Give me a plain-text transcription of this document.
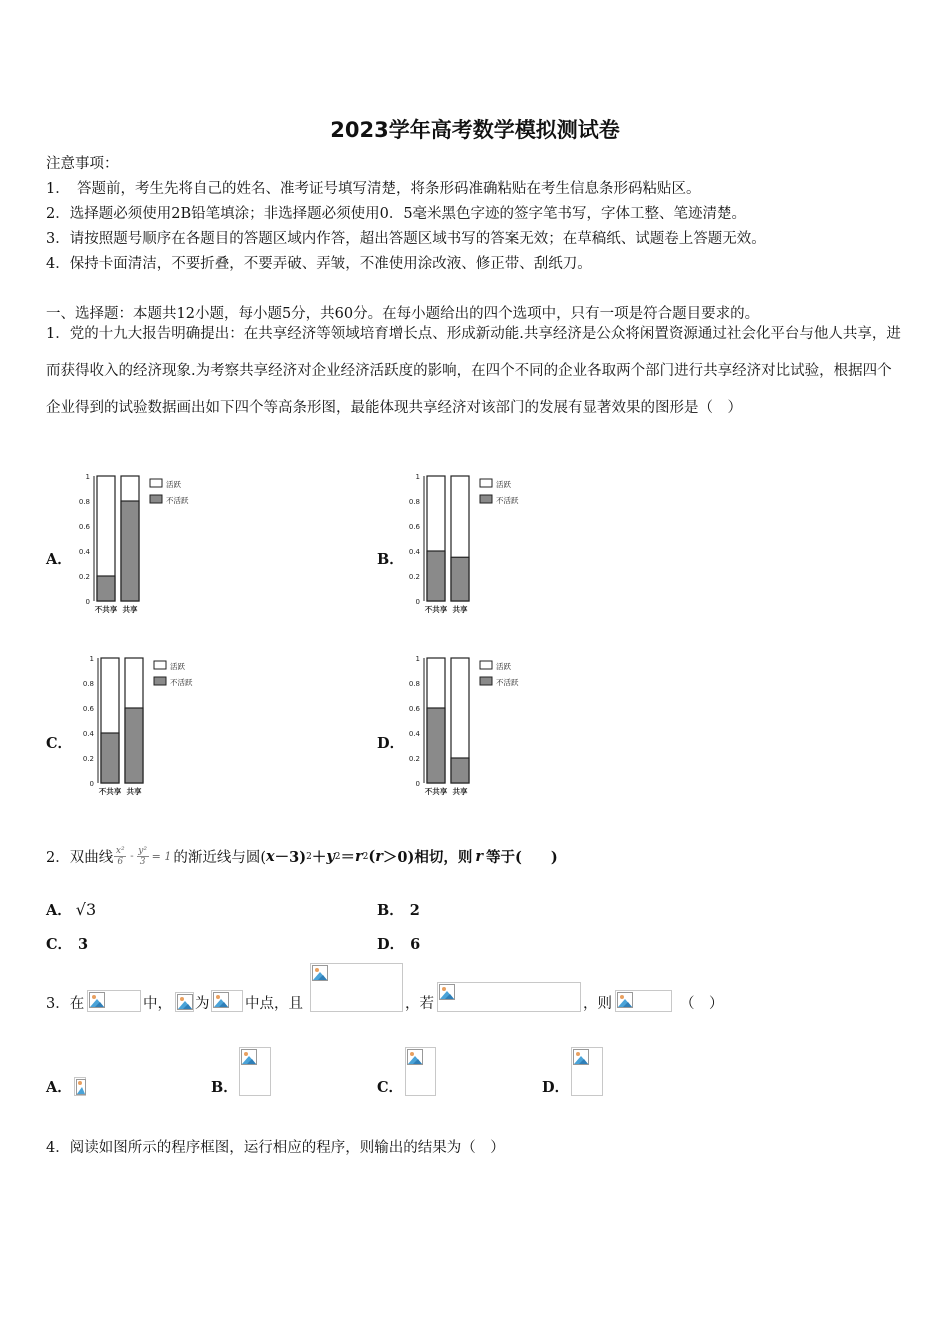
2023学年高考数学模拟测试卷
注意事项：
1．　答题前，考生先将自己的姓名、准考证号填写清楚，将条形码准确粘贴在考生信息条形码粘贴区。
2．选择题必须使用2B铅笔填涂；非选择题必须使用0．5毫米黑色字迹的签字笔书写，字体工整、笔迹清楚。
3．请按照题号顺序在各题目的答题区域内作答，超出答题区域书写的答案无效；在草稿纸、试题卷上答题无效。
4．保持卡面清洁，不要折叠，不要弄破、弄皱，不准使用涂改液、修正带、刮纸刀。
一、选择题：本题共12小题，每小题5分，共60分。在每小题给出的四个选项中，只有一项是符合题目要求的。
1．党的十九大报告明确提出：在共享经济等领域培育增长点、形成新动能.共享经济是公众将闲置资源通过社会化平台与他人共享，进而获得收入的经济现象.为考察共享经济对企业经济活跃度的影响，在四个不同的企业各取两个部门进行共享经济对比试验，根据四个企业得到的试验数据画出如下四个等高条形图，最能体现共享经济对该部门的发展有显著效果的图形是（　）
A．	B．
C．	D．
0
0.2
0.4
0.6
0.8
1
不共享 共享
活跃
不活跃
0
0.2
0.4
0.6
0.8
1
不共享 共享
活跃
不活跃
0
0.2
0.4
0.6
0.8
1
不共享 共享
活跃
不活跃
0
0.2
0.4
0.6
0.8
1
不共享 共享
活跃
不活跃
2．双曲线 $\frac{\text{x²}}{6} - \frac{\text{y²}}{3} = 1$ 的渐近线与圆( x －3) 2 ＋ y 2 ＝ r 2 ( r ＞0)相切，则 r 等于(　　)
A． √3	B． 2
C． 3	D． 6
3．在	中， 为 中点，且	，若	，则	（　）
A．	B．	C．	D．
4．阅读如图所示的程序框图，运行相应的程序，则输出的结果为（　）
